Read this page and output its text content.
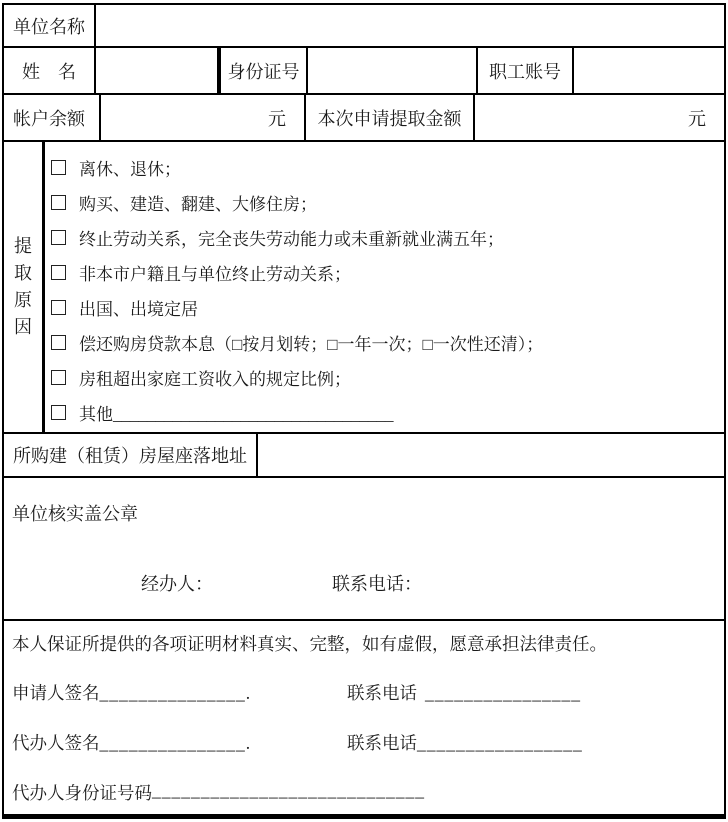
单位名称
姓　名	身份证号	职工账号
帐户余额	元	本次申请提取金额	元
提取原因
离休、退休；
购买、建造、翻建、大修住房；
终止劳动关系，完全丧失劳动能力或未重新就业满五年；
非本市户籍且与单位终止劳动关系；
出国、出境定居
偿还购房贷款本息（□按月划转；□一年一次；□一次性还清）；
房租超出家庭工资收入的规定比例；
其他_________________________________
所购建（租赁）房屋座落地址
单位核实盖公章
经办人：	联系电话：
本人保证所提供的各项证明材料真实、完整，如有虚假，愿意承担法律责任。
申请人签名_______________.	联系电话 ________________
代办人签名_______________.	联系电话_________________
代办人身份证号码 ____________________________
